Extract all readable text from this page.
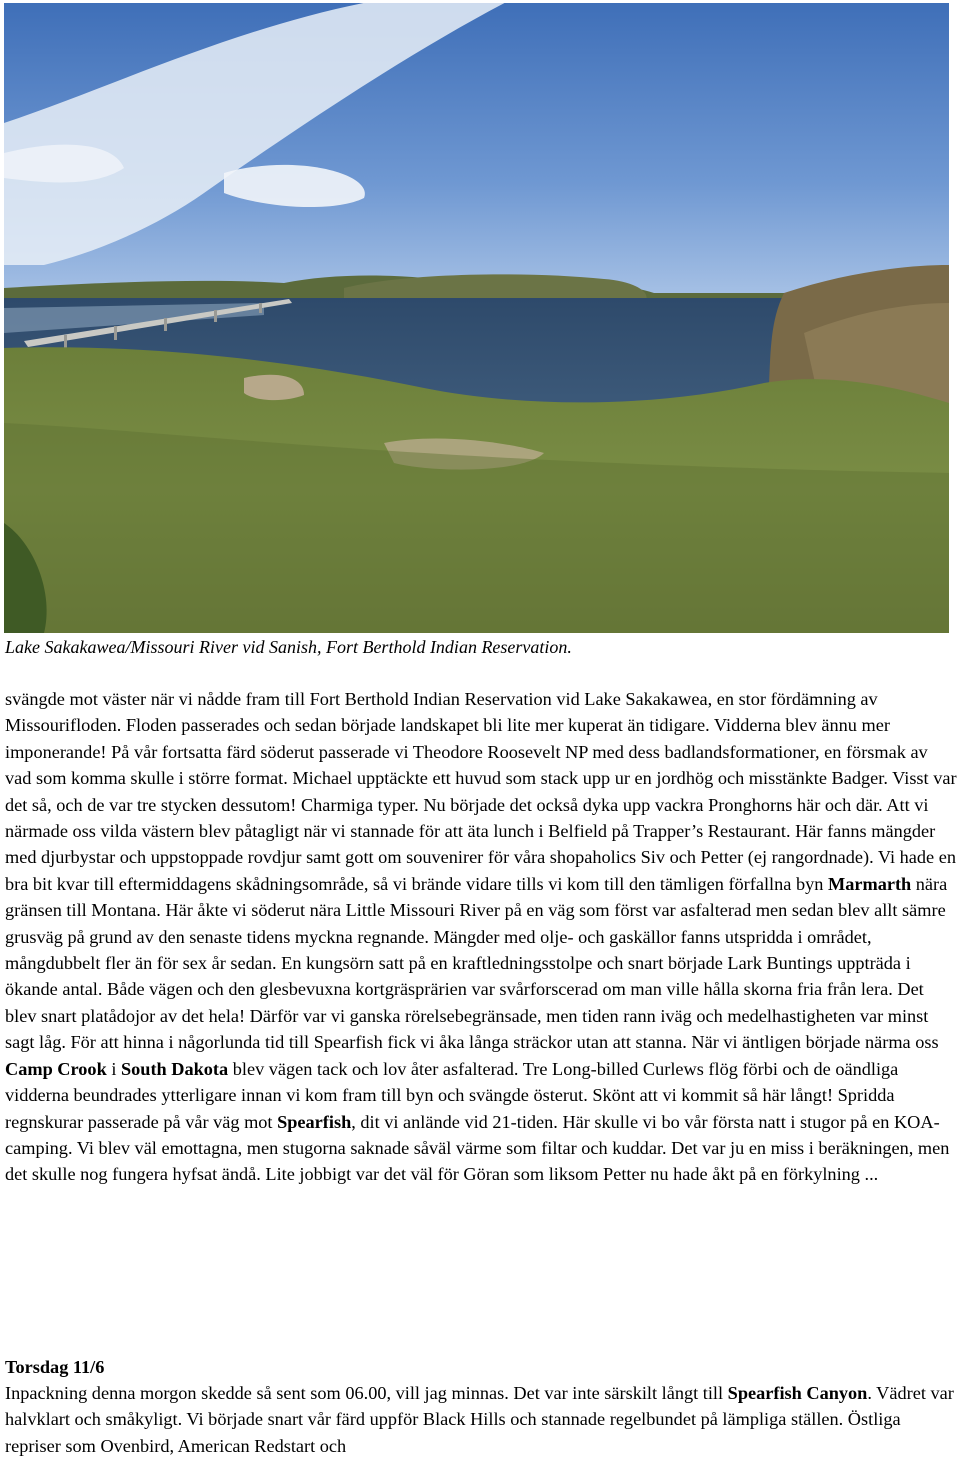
Lake Sakakawea/Missouri River vid Sanish, Fort Berthold Indian Reservation.

svängde mot väster när vi nådde fram till Fort Berthold Indian Reservation vid Lake Sakakawea, en stor fördämning av Missourifloden. Floden passerades och sedan började landskapet bli lite mer kuperat än tidigare. Vidderna blev ännu mer imponerande! På vår fortsatta färd söderut passerade vi Theodore Roosevelt NP med dess badlandsformationer, en försmak av vad som komma skulle i större format. Michael upptäckte ett huvud som stack upp ur en jordhög och misstänkte Badger. Visst var det så, och de var tre stycken dessutom! Charmiga typer. Nu började det också dyka upp vackra Pronghorns här och där. Att vi närmade oss vilda västern blev påtagligt när vi stannade för att äta lunch i Belfield på Trapper’s Restaurant. Här fanns mängder med djurbystar och uppstoppade rovdjur samt gott om souvenirer för våra shopaholics Siv och Petter (ej rangordnade). Vi hade en bra bit kvar till eftermiddagens skådningsområde, så vi brände vidare tills vi kom till den tämligen förfallna byn Marmarth nära gränsen till Montana. Här åkte vi söderut nära Little Missouri River på en väg som först var asfalterad men sedan blev allt sämre grusväg på grund av den senaste tidens myckna regnande. Mängder med olje- och gaskällor fanns utspridda i området, mångdubbelt fler än för sex år sedan. En kungsörn satt på en kraftledningsstolpe och snart började Lark Buntings uppträda i ökande antal. Både vägen och den glesbevuxna kortgräsprärien var svårforscerad om man ville hålla skorna fria från lera. Det blev snart platådojor av det hela! Därför var vi ganska rörelsebegränsade, men tiden rann iväg och medelhastigheten var minst sagt låg. För att hinna i någorlunda tid till Spearfish fick vi åka långa sträckor utan att stanna. När vi äntligen började närma oss Camp Crook i South Dakota blev vägen tack och lov åter asfalterad. Tre Long-billed Curlews flög förbi och de oändliga vidderna beundrades ytterligare innan vi kom fram till byn och svängde österut. Skönt att vi kommit så här långt! Spridda regnskurar passerade på vår väg mot Spearfish, dit vi anlände vid 21-tiden. Här skulle vi bo vår första natt i stugor på en KOA-camping. Vi blev väl emottagna, men stugorna saknade såväl värme som filtar och kuddar. Det var ju en miss i beräkningen, men det skulle nog fungera hyfsat ändå. Lite jobbigt var det väl för Göran som liksom Petter nu hade åkt på en förkylning ...

Torsdag 11/6

Inpackning denna morgon skedde så sent som 06.00, vill jag minnas. Det var inte särskilt långt till Spearfish Canyon. Vädret var halvklart och småkyligt. Vi började snart vår färd uppför Black Hills och stannade regelbundet på lämpliga ställen. Östliga repriser som Ovenbird, American Redstart och
